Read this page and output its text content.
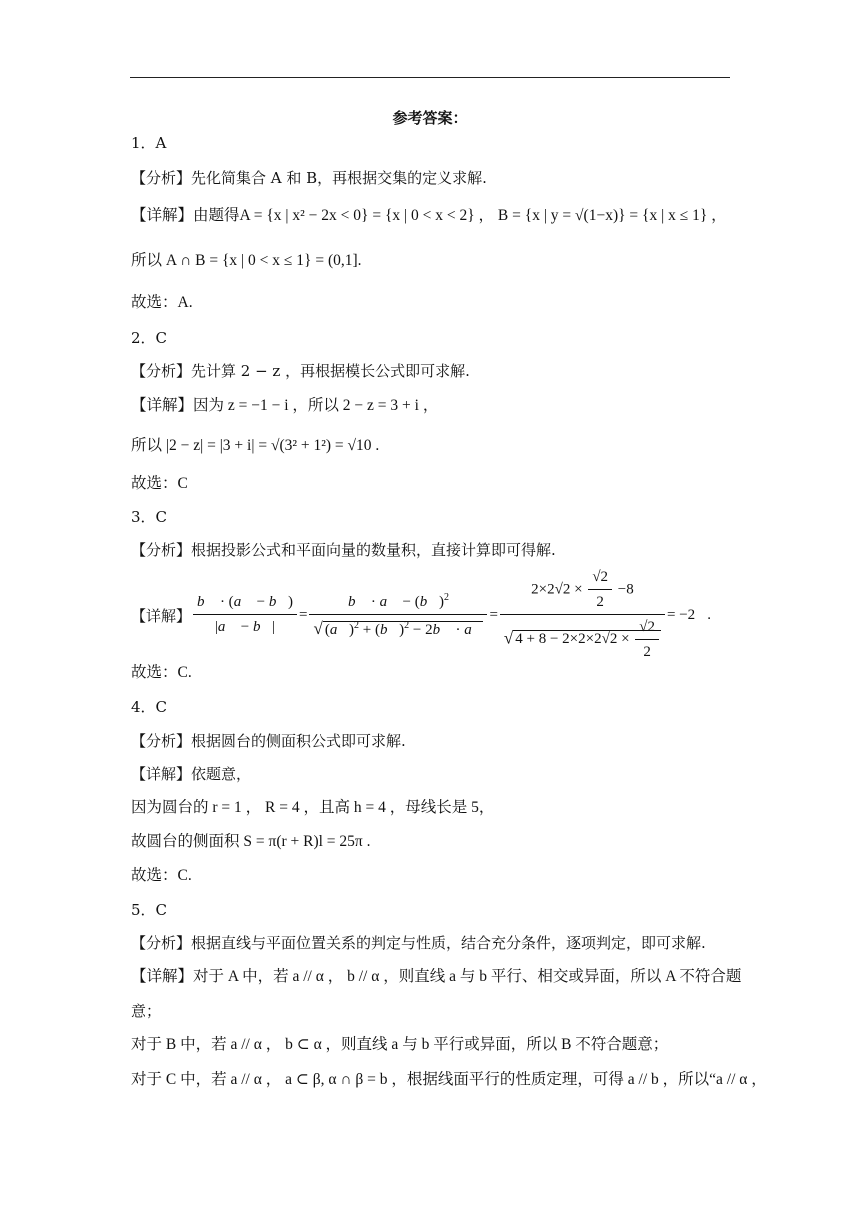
参考答案：
1．A
【分析】先化简集合 A 和 B，再根据交集的定义求解.
【详解】由题得A = {x | x² − 2x < 0} = {x | 0 < x < 2} ， B = {x | y = √(1−x)} = {x | x ≤ 1} ，
所以 A ∩ B = {x | 0 < x ≤ 1} = (0,1].
故选：A.
2．C
【分析】先计算 2 − z ，再根据模长公式即可求解.
【详解】因为 z = −1 − i ，所以 2 − z = 3 + i ，
所以 |2 − z| = |3 + i| = √(3² + 1²) = √10 .
故选：C
3．C
【分析】根据投影公式和平面向量的数量积，直接计算即可得解.
【详解】 $\frac{b⃗ \cdot (a⃗ - b⃗)}{|a⃗ - b⃗|} = \frac{b⃗ \cdot a⃗ - (b⃗)^2}{√ (a⃗)^2 + (b⃗)^2 - 2b⃗ \cdot a⃗} = \frac{2\times 2√2 \times \frac{√2}{2} -8}{√ 4 + 8 - 2\times 2\times 2√2 \times \frac{√2}{2}} = -2$ .
故选：C.
4．C
【分析】根据圆台的侧面积公式即可求解.
【详解】依题意，
因为圆台的 r = 1 ， R = 4 ，且高 h = 4 ，母线长是 5，
故圆台的侧面积 S = π(r + R)l = 25π .
故选：C.
5．C
【分析】根据直线与平面位置关系的判定与性质，结合充分条件，逐项判定，即可求解.
【详解】对于 A 中，若 a // α ， b // α ，则直线 a 与 b 平行、相交或异面，所以 A 不符合题
意；
对于 B 中，若 a // α ， b ⊂ α ，则直线 a 与 b 平行或异面，所以 B 不符合题意；
对于 C 中，若 a // α ， a ⊂ β, α ∩ β = b ，根据线面平行的性质定理，可得 a // b ，所以“a // α ，
